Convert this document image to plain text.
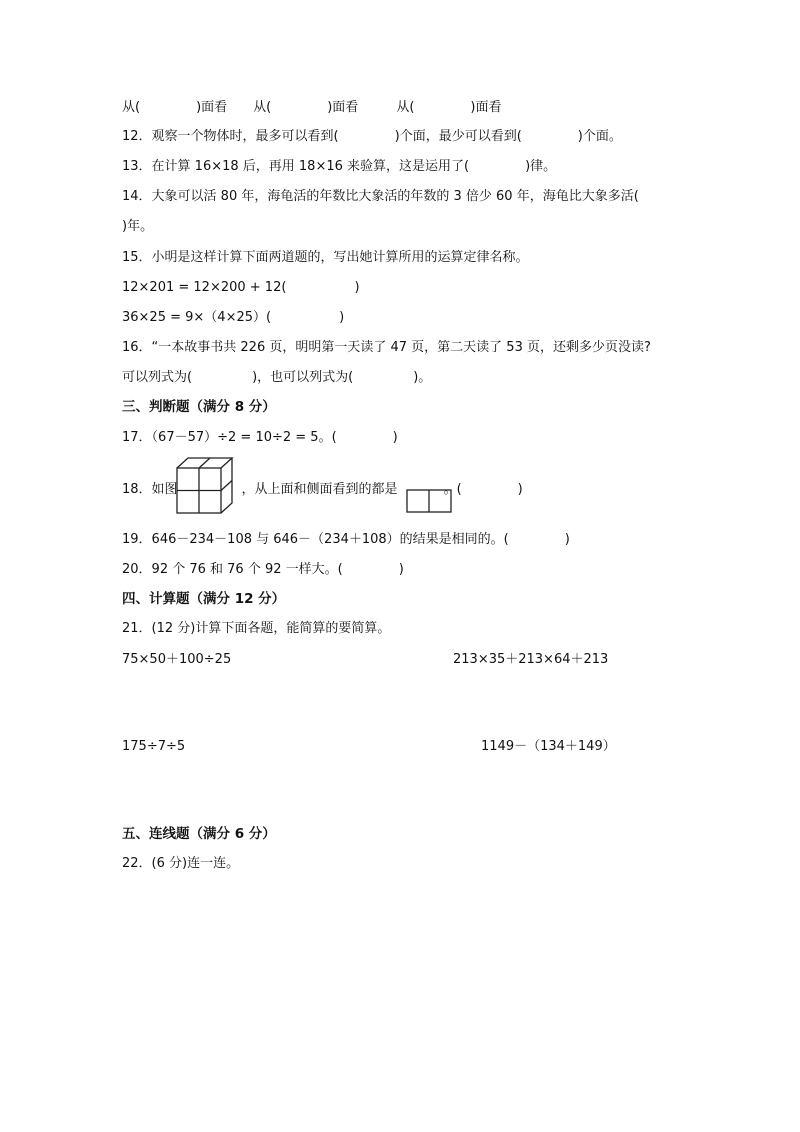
从(	)面看 从(	)面看	从(	)面看
12．观察一个物体时，最多可以看到(	)个面，最少可以看到(	)个面。
13．在计算 16×18 后，再用 18×16 来验算，这是运用了(	)律。
14．大象可以活 80 年，海龟活的年数比大象活的年数的 3 倍少 60 年，海龟比大象多活(
)年。
15．小明是这样计算下面两道题的，写出她计算所用的运算定律名称。
12×201 = 12×200 + 12(	)
36×25 = 9×（4×25）(	)
16．“一本故事书共 226 页，明明第一天读了 47 页，第二天读了 53 页，还剩多少页没读?
可以列式为(	)，也可以列式为(	)。
三、判断题（满分 8 分）
17．（67－57）÷2 = 10÷2 = 5。(	)
18．如图	，从上面和侧面看到的都是	。(	)
19．646－234－108 与 646－（234＋108）的结果是相同的。(	)
20．92 个 76 和 76 个 92 一样大。(	)
四、计算题（满分 12 分）
21．(12 分)计算下面各题，能简算的要简算。
75×50＋100÷25	213×35＋213×64＋213
175÷7÷5	1149－（134＋149）
五、连线题（满分 6 分）
22．(6 分)连一连。
